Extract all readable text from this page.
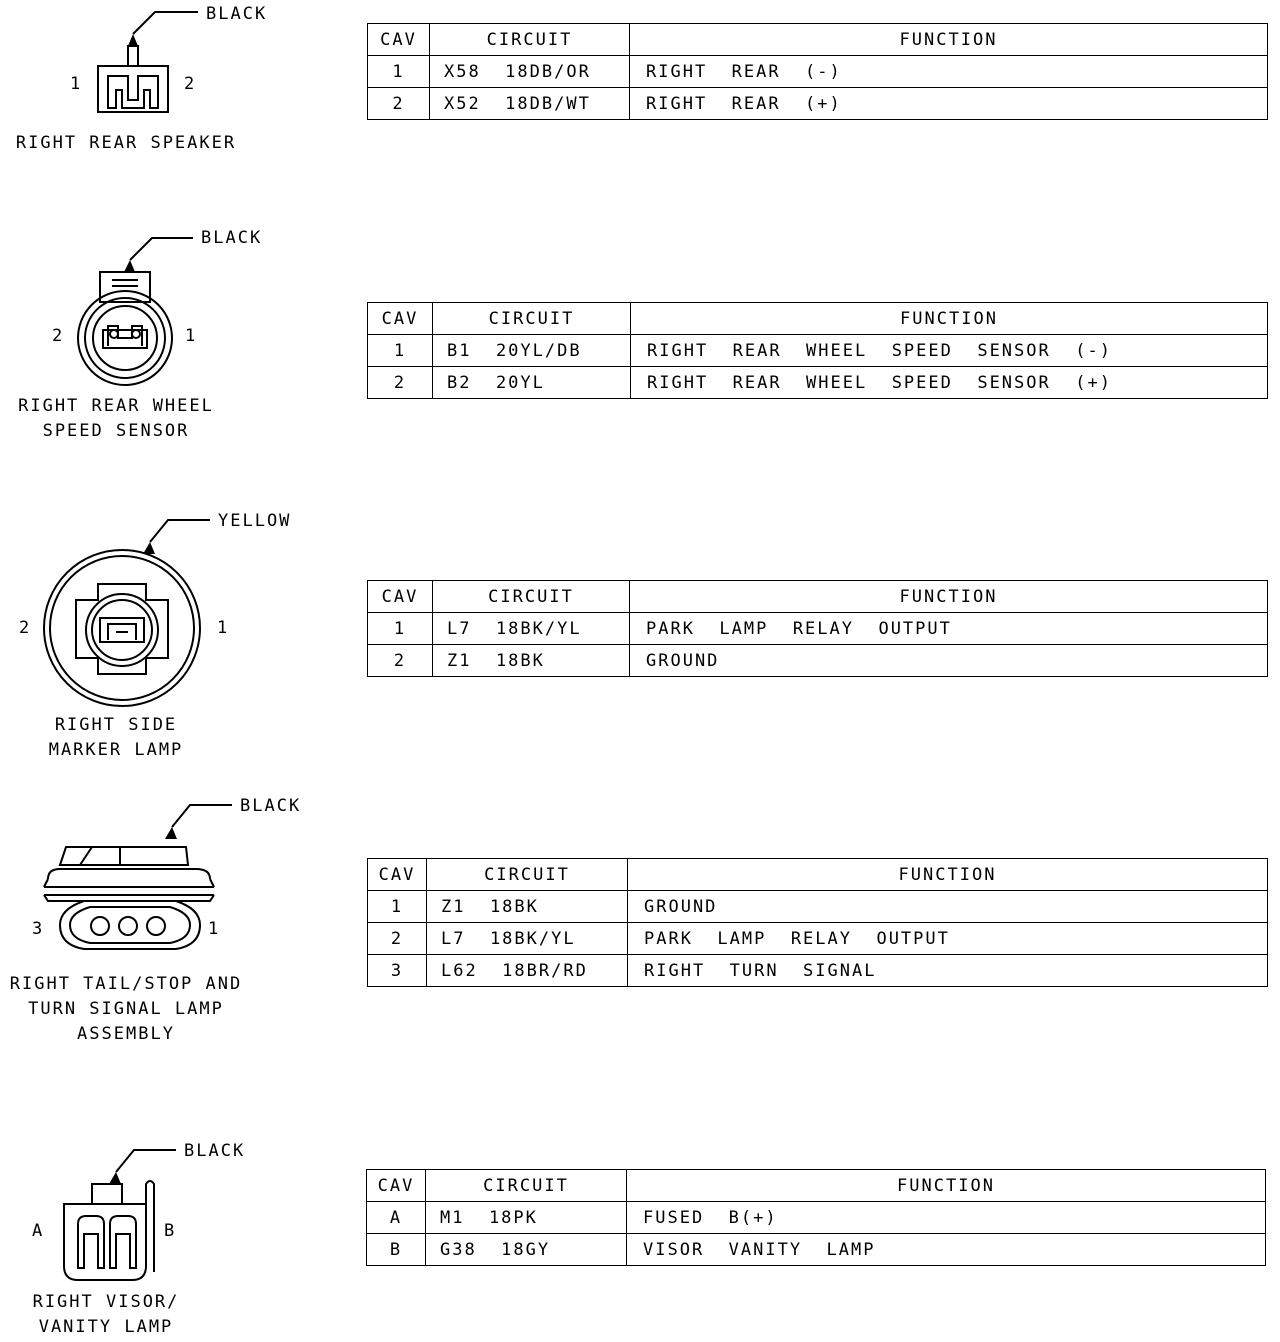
BLACK
1	2
RIGHT REAR SPEAKER
CAV	CIRCUIT	FUNCTION
1	X58  18DB/OR	RIGHT  REAR  (-)
2	X52  18DB/WT	RIGHT  REAR  (+)
BLACK
2	1
RIGHT REAR WHEEL
SPEED SENSOR
CAV	CIRCUIT	FUNCTION
1	B1  20YL/DB	RIGHT  REAR  WHEEL  SPEED  SENSOR  (-)
2	B2  20YL	RIGHT  REAR  WHEEL  SPEED  SENSOR  (+)
YELLOW
2	1
RIGHT SIDE
MARKER LAMP
CAV	CIRCUIT	FUNCTION
1	L7  18BK/YL	PARK  LAMP  RELAY  OUTPUT
2	Z1  18BK	GROUND
BLACK
3	1
RIGHT TAIL/STOP AND
TURN SIGNAL LAMP
ASSEMBLY
CAV	CIRCUIT	FUNCTION
1	Z1  18BK	GROUND
2	L7  18BK/YL	PARK  LAMP  RELAY  OUTPUT
3	L62  18BR/RD	RIGHT  TURN  SIGNAL
BLACK
A	B
RIGHT VISOR/
VANITY LAMP
CAV	CIRCUIT	FUNCTION
A	M1  18PK	FUSED  B(+)
B	G38  18GY	VISOR  VANITY  LAMP
